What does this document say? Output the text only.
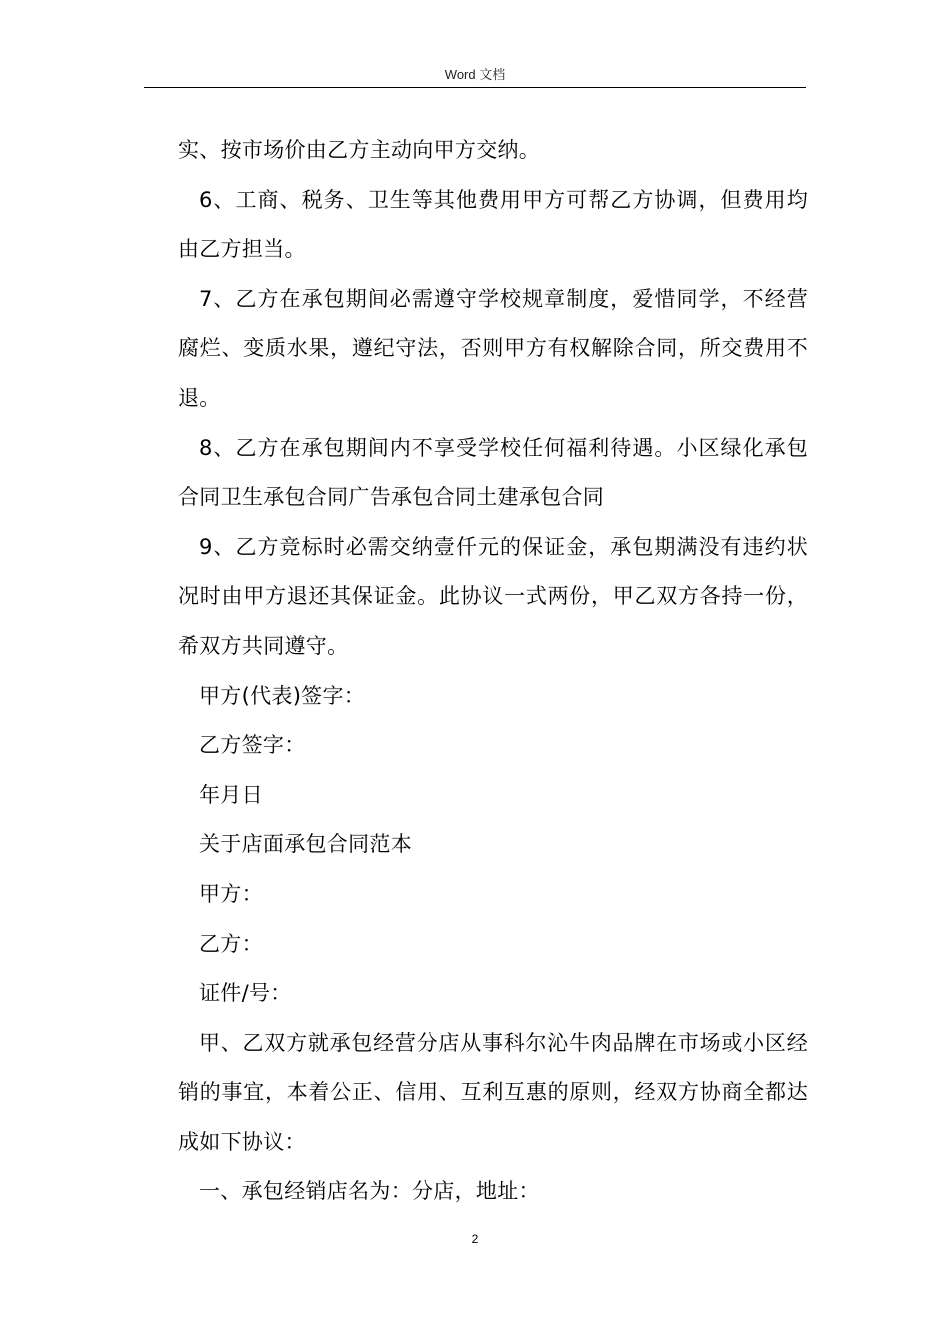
Word 文档

实、按市场价由乙方主动向甲方交纳。

6、工商、税务、卫生等其他费用甲方可帮乙方协调，但费用均由乙方担当。

7、乙方在承包期间必需遵守学校规章制度，爱惜同学，不经营腐烂、变质水果，遵纪守法，否则甲方有权解除合同，所交费用不退。

8、乙方在承包期间内不享受学校任何福利待遇。小区绿化承包合同卫生承包合同广告承包合同土建承包合同

9、乙方竞标时必需交纳壹仟元的保证金，承包期满没有违约状况时由甲方退还其保证金。此协议一式两份，甲乙双方各持一份，希双方共同遵守。

甲方(代表)签字：

乙方签字：

年月日

关于店面承包合同范本

甲方：

乙方：

证件/号：

甲、乙双方就承包经营分店从事科尔沁牛肉品牌在市场或小区经销的事宜，本着公正、信用、互利互惠的原则，经双方协商全都达成如下协议：

一、承包经销店名为：分店，地址：

2
